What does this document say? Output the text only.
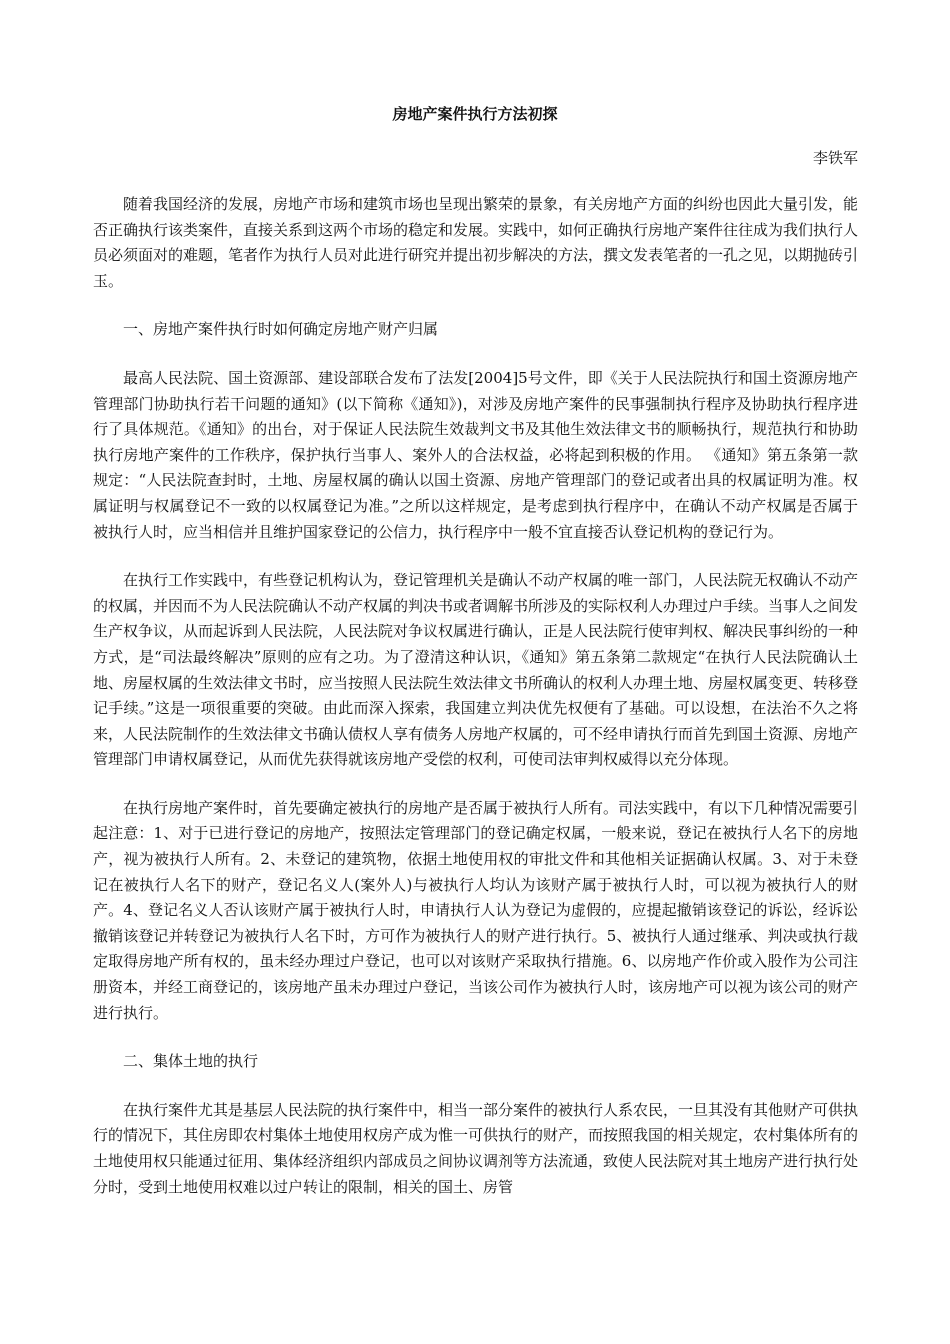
房地产案件执行方法初探
李铁军

随着我国经济的发展，房地产市场和建筑市场也呈现出繁荣的景象，有关房地产方面的纠纷也因此大量引发，能否正确执行该类案件，直接关系到这两个市场的稳定和发展。实践中，如何正确执行房地产案件往往成为我们执行人员必须面对的难题，笔者作为执行人员对此进行研究并提出初步解决的方法，撰文发表笔者的一孔之见，以期抛砖引玉。

一、房地产案件执行时如何确定房地产财产归属

最高人民法院、国土资源部、建设部联合发布了法发[2004]5号文件，即《关于人民法院执行和国土资源房地产管理部门协助执行若干问题的通知》(以下简称《通知》)，对涉及房地产案件的民事强制执行程序及协助执行程序进行了具体规范。《通知》的出台，对于保证人民法院生效裁判文书及其他生效法律文书的顺畅执行，规范执行和协助执行房地产案件的工作秩序，保护执行当事人、案外人的合法权益，必将起到积极的作用。 《通知》第五条第一款规定：“人民法院查封时，土地、房屋权属的确认以国土资源、房地产管理部门的登记或者出具的权属证明为准。权属证明与权属登记不一致的以权属登记为准。”之所以这样规定，是考虑到执行程序中，在确认不动产权属是否属于被执行人时，应当相信并且维护国家登记的公信力，执行程序中一般不宜直接否认登记机构的登记行为。

在执行工作实践中，有些登记机构认为，登记管理机关是确认不动产权属的唯一部门，人民法院无权确认不动产的权属，并因而不为人民法院确认不动产权属的判决书或者调解书所涉及的实际权利人办理过户手续。当事人之间发生产权争议，从而起诉到人民法院，人民法院对争议权属进行确认，正是人民法院行使审判权、解决民事纠纷的一种方式，是“司法最终解决”原则的应有之功。为了澄清这种认识，《通知》第五条第二款规定“在执行人民法院确认土地、房屋权属的生效法律文书时，应当按照人民法院生效法律文书所确认的权利人办理土地、房屋权属变更、转移登记手续。”这是一项很重要的突破。由此而深入探索，我国建立判决优先权便有了基础。可以设想，在法治不久之将来，人民法院制作的生效法律文书确认债权人享有债务人房地产权属的，可不经申请执行而首先到国土资源、房地产管理部门申请权属登记，从而优先获得就该房地产受偿的权利，可使司法审判权威得以充分体现。

在执行房地产案件时，首先要确定被执行的房地产是否属于被执行人所有。司法实践中，有以下几种情况需要引起注意：1、对于已进行登记的房地产，按照法定管理部门的登记确定权属，一般来说，登记在被执行人名下的房地产，视为被执行人所有。2、未登记的建筑物，依据土地使用权的审批文件和其他相关证据确认权属。3、对于未登记在被执行人名下的财产，登记名义人(案外人)与被执行人均认为该财产属于被执行人时，可以视为被执行人的财产。4、登记名义人否认该财产属于被执行人时，申请执行人认为登记为虚假的，应提起撤销该登记的诉讼，经诉讼撤销该登记并转登记为被执行人名下时，方可作为被执行人的财产进行执行。5、被执行人通过继承、判决或执行裁定取得房地产所有权的，虽未经办理过户登记，也可以对该财产采取执行措施。6、以房地产作价或入股作为公司注册资本，并经工商登记的，该房地产虽未办理过户登记，当该公司作为被执行人时，该房地产可以视为该公司的财产进行执行。

二、集体土地的执行

在执行案件尤其是基层人民法院的执行案件中，相当一部分案件的被执行人系农民，一旦其没有其他财产可供执行的情况下，其住房即农村集体土地使用权房产成为惟一可供执行的财产，而按照我国的相关规定，农村集体所有的土地使用权只能通过征用、集体经济组织内部成员之间协议调剂等方法流通，致使人民法院对其土地房产进行执行处分时，受到土地使用权难以过户转让的限制，相关的国土、房管
